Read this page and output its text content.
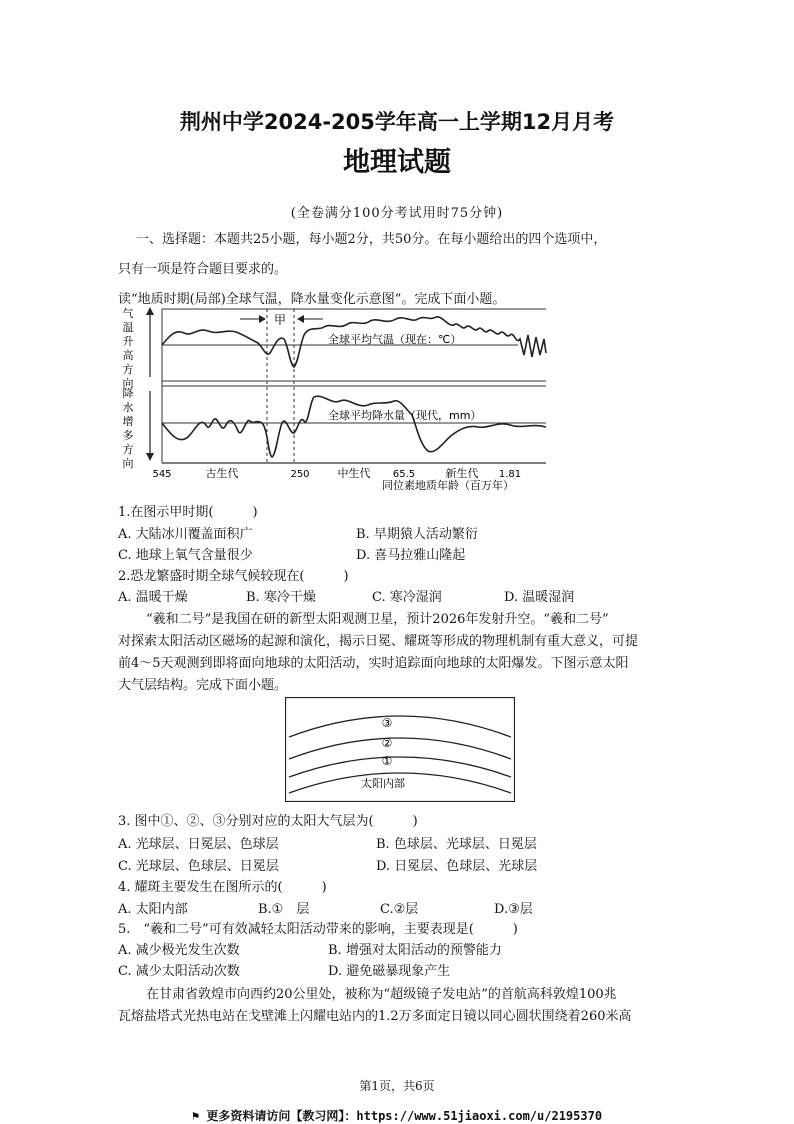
荆州中学2024-205学年高一上学期12月月考
地理试题
(全卷满分100分考试用时75分钟)
一、选择题：本题共25小题，每小题2分，共50分。在每小题给出的四个选项中，
只有一项是符合题目要求的。
读“地质时期(局部)全球气温，降水量变化示意图”。完成下面小题。
气
温
升
高
方
向
降
水
增
多
方
向
甲
全球平均气温（现在：℃）
全球平均降水量（现代，mm）
545	250	65.5	1.81
古生代	中生代	新生代
同位素地质年龄（百万年）
1.在图示甲时期(　　　)
A. 大陆冰川覆盖面积广	B. 早期猿人活动繁衍
C. 地球上氧气含量很少	D. 喜马拉雅山隆起
2.恐龙繁盛时期全球气候较现在(　　　)
A. 温暖干燥	B. 寒冷干燥	C. 寒冷湿润	D. 温暖湿润
“羲和二号”是我国在研的新型太阳观测卫星，预计2026年发射升空。“羲和二号”
对探索太阳活动区磁场的起源和演化，揭示日冕、耀斑等形成的物理机制有重大意义，可提
前4～5天观测到即将面向地球的太阳活动，实时追踪面向地球的太阳爆发。下图示意太阳
大气层结构。完成下面小题。
③
②
①
太阳内部
3. 图中①、②、③分别对应的太阳大气层为(　　　)
A. 光球层、日冕层、色球层	B. 色球层、光球层、日冕层
C. 光球层、色球层、日冕层	D. 日冕层、色球层、光球层
4. 耀斑主要发生在图所示的(　　　)
A. 太阳内部	B.①　层	C.②层	D.③层
5.　“羲和二号”可有效减轻太阳活动带来的影响，主要表现是(　　　)
A. 减少极光发生次数	B. 增强对太阳活动的预警能力
C. 减少太阳活动次数	D. 避免磁暴现象产生
在甘肃省敦煌市向西约20公里处，被称为“超级镜子发电站”的首航高科敦煌100兆
瓦熔盐塔式光热电站在戈壁滩上闪耀电站内的1.2万多面定日镜以同心圆状围绕着260米高
第1页，共6页
⚑ 更多资料请访问【教习网】：https://www.51jiaoxi.com/u/2195370
